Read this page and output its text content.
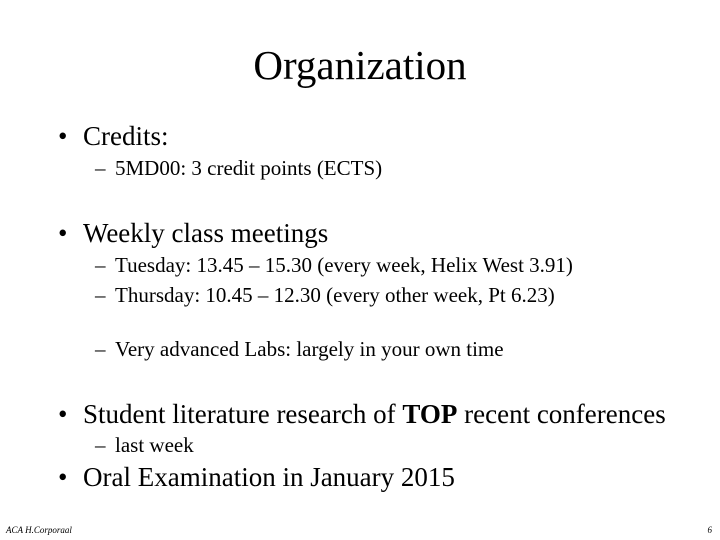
Organization
• Credits:
– 5MD00: 3 credit points (ECTS)
• Weekly class meetings
– Tuesday: 13.45 – 15.30 (every week, Helix West 3.91)
– Thursday: 10.45 – 12.30 (every other week, Pt 6.23)
– Very advanced Labs: largely in your own time
• Student literature research of TOP recent conferences
– last week
• Oral Examination in January 2015
ACA H.Corporaal	6
